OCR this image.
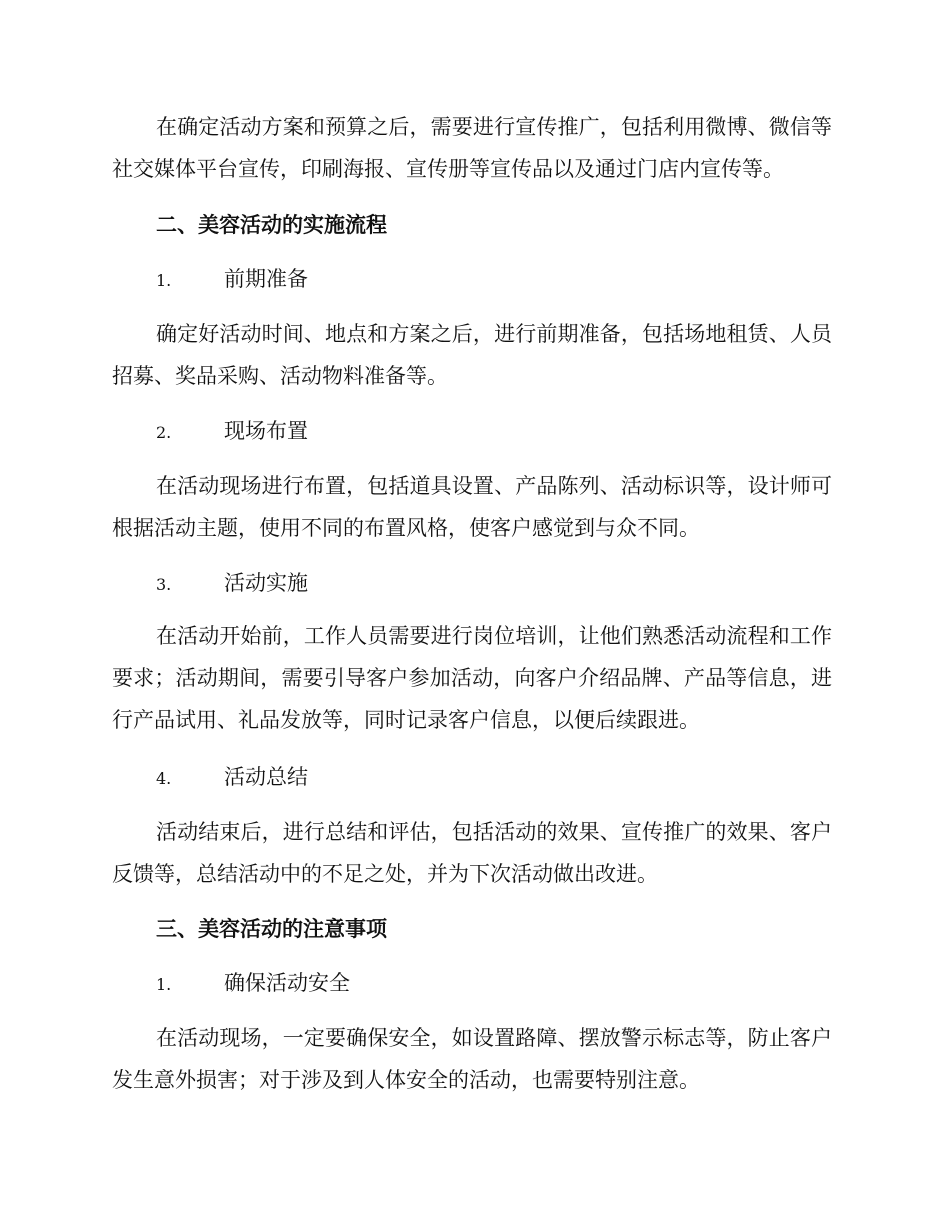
在确定活动方案和预算之后，需要进行宣传推广，包括利用微博、微信等社交媒体平台宣传，印刷海报、宣传册等宣传品以及通过门店内宣传等。

二、美容活动的实施流程

1.	前期准备

确定好活动时间、地点和方案之后，进行前期准备，包括场地租赁、人员招募、奖品采购、活动物料准备等。

2.	现场布置

在活动现场进行布置，包括道具设置、产品陈列、活动标识等，设计师可根据活动主题，使用不同的布置风格，使客户感觉到与众不同。

3.	活动实施

在活动开始前，工作人员需要进行岗位培训，让他们熟悉活动流程和工作要求；活动期间，需要引导客户参加活动，向客户介绍品牌、产品等信息，进行产品试用、礼品发放等，同时记录客户信息，以便后续跟进。

4.	活动总结

活动结束后，进行总结和评估，包括活动的效果、宣传推广的效果、客户反馈等，总结活动中的不足之处，并为下次活动做出改进。

三、美容活动的注意事项

1.	确保活动安全

在活动现场，一定要确保安全，如设置路障、摆放警示标志等，防止客户发生意外损害；对于涉及到人体安全的活动，也需要特别注意。
